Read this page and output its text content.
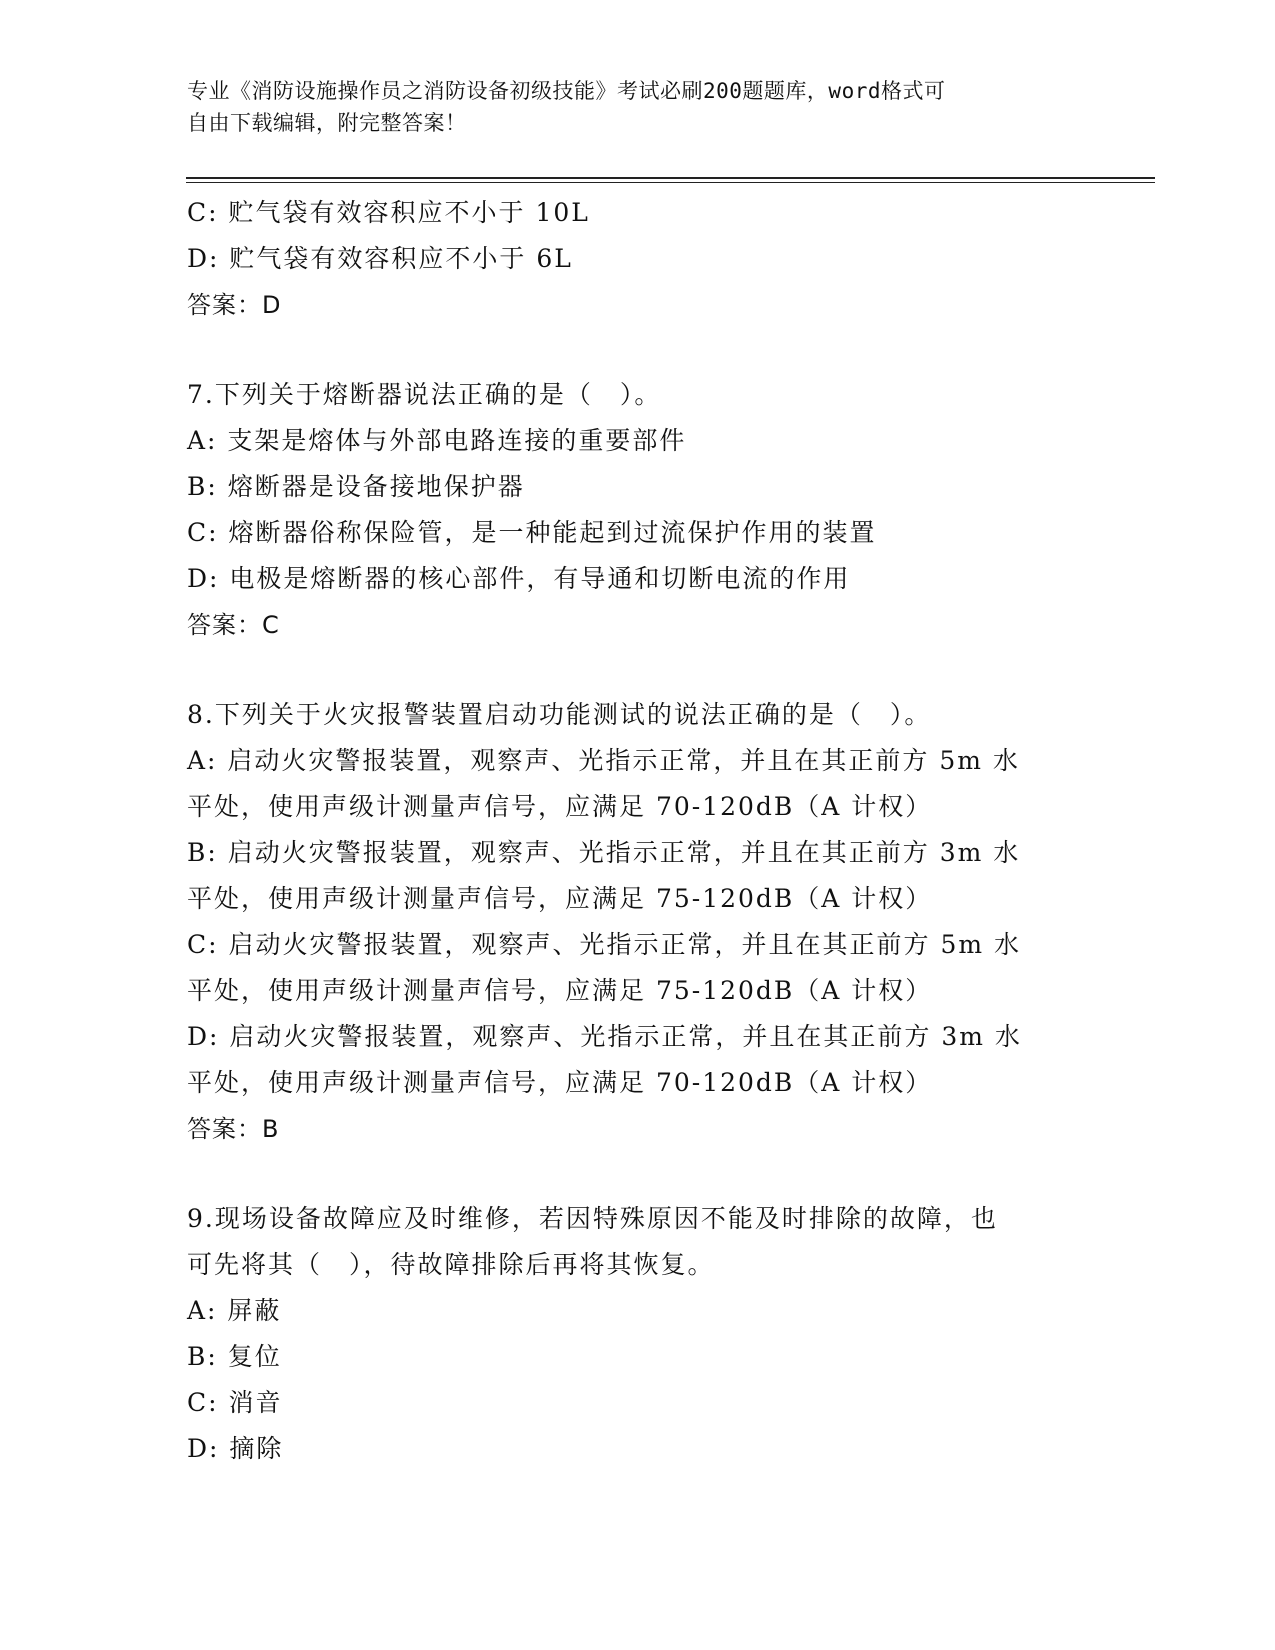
专业《消防设施操作员之消防设备初级技能》考试必刷200题题库，word格式可
自由下载编辑，附完整答案！
C: 贮气袋有效容积应不小于 10L
D: 贮气袋有效容积应不小于 6L
答案：D
7.下列关于熔断器说法正确的是（　）。
A: 支架是熔体与外部电路连接的重要部件
B: 熔断器是设备接地保护器
C: 熔断器俗称保险管，是一种能起到过流保护作用的装置
D: 电极是熔断器的核心部件，有导通和切断电流的作用
答案：C
8.下列关于火灾报警装置启动功能测试的说法正确的是（　）。
A: 启动火灾警报装置，观察声、光指示正常，并且在其正前方 5m 水
平处，使用声级计测量声信号，应满足 70-120dB（A 计权）
B: 启动火灾警报装置，观察声、光指示正常，并且在其正前方 3m 水
平处，使用声级计测量声信号，应满足 75-120dB（A 计权）
C: 启动火灾警报装置，观察声、光指示正常，并且在其正前方 5m 水
平处，使用声级计测量声信号，应满足 75-120dB（A 计权）
D: 启动火灾警报装置，观察声、光指示正常，并且在其正前方 3m 水
平处，使用声级计测量声信号，应满足 70-120dB（A 计权）
答案：B
9.现场设备故障应及时维修，若因特殊原因不能及时排除的故障，也
可先将其（　），待故障排除后再将其恢复。
A: 屏蔽
B: 复位
C: 消音
D: 摘除
